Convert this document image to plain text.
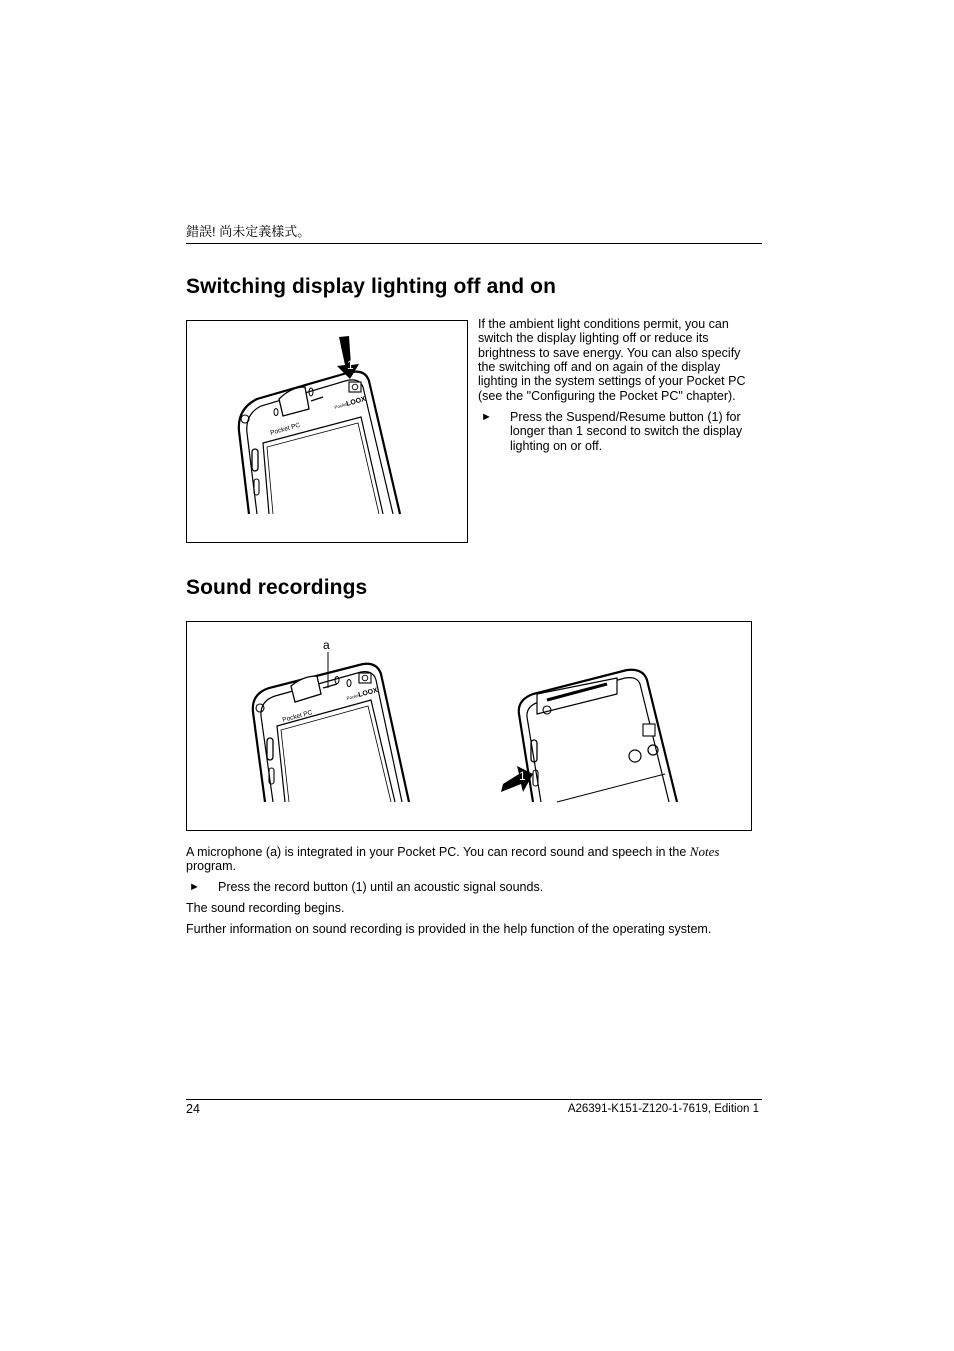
錯誤! 尚未定義樣式。
Switching display lighting off and on
Pocket
LOOX
Pocket PC
1
If the ambient light conditions permit, you can
switch the display lighting off or reduce its
brightness to save energy. You can also specify
the switching off and on again of the display
lighting in the system settings of your Pocket PC
(see the "Configuring the Pocket PC" chapter).
► Press the Suspend/Resume button (1) for
longer than 1 second to switch the display
lighting on or off.
Sound recordings
Pocket
LOOX
Pocket PC
a
1

A microphone (a) is integrated in your Pocket PC. You can record sound and speech in the Notes
program.

► Press the record button (1) until an acoustic signal sounds.
The sound recording begins.
Further information on sound recording is provided in the help function of the operating system.
24	A26391-K151-Z120-1-7619, Edition 1
